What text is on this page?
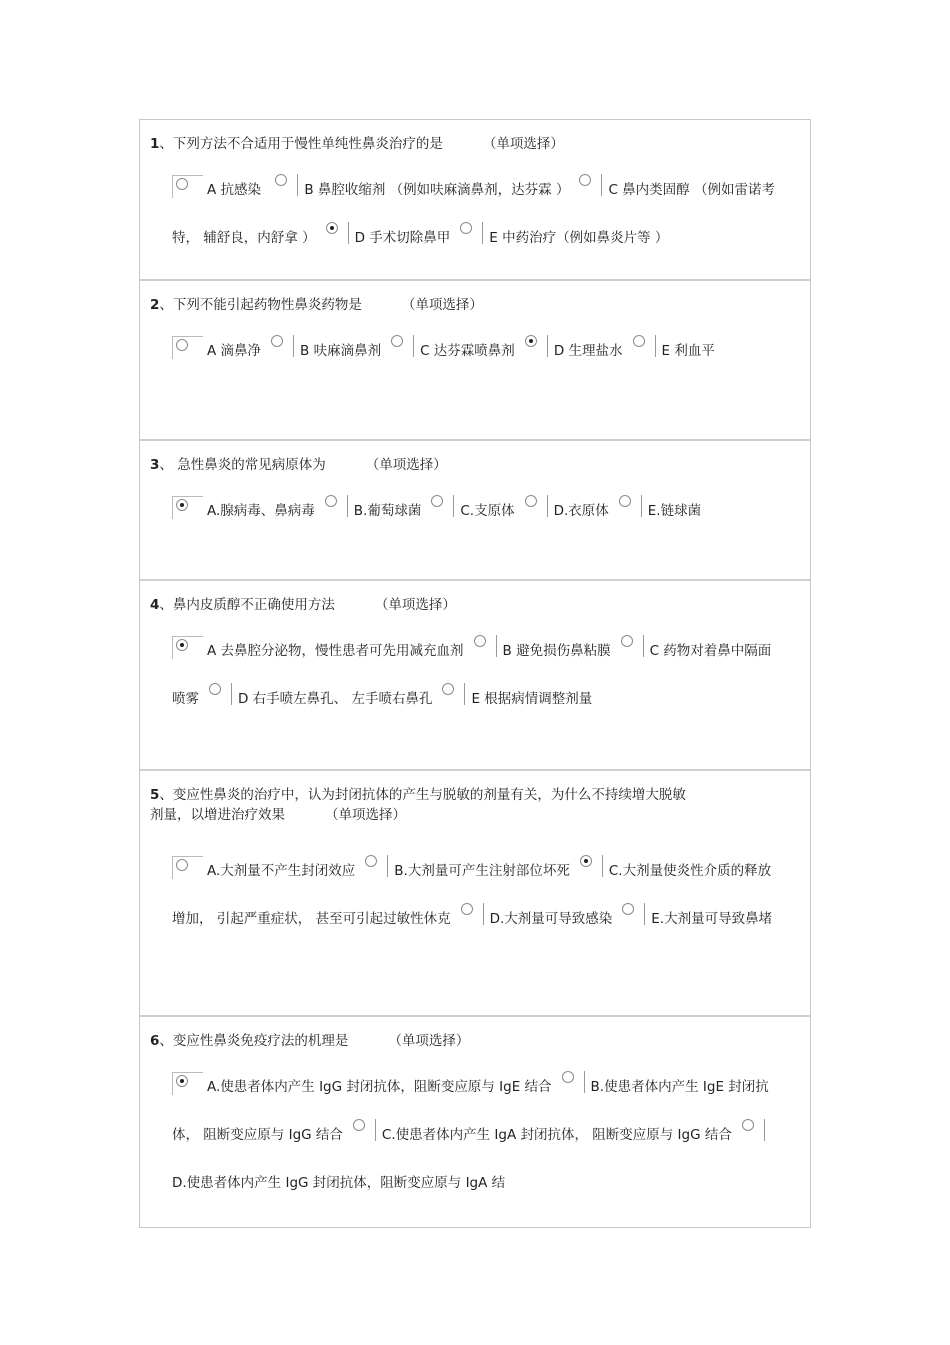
1、下列方法不合适用于慢性单纯性鼻炎治疗的是	（单项选择）
A 抗感染	B 鼻腔收缩剂 （例如呋麻滴鼻剂，达芬霖 ）	C 鼻内类固醇 （例如雷诺考特， 辅舒良，内舒拿 ）	D 手术切除鼻甲	E 中药治疗（例如鼻炎片等 ）
2、下列不能引起药物性鼻炎药物是	（单项选择）
A 滴鼻净	B 呋麻滴鼻剂	C 达芬霖喷鼻剂	D 生理盐水	E 利血平
3、 急性鼻炎的常见病原体为	（单项选择）
A.腺病毒、鼻病毒	B.葡萄球菌	C.支原体	D.衣原体	E.链球菌
4、鼻内皮质醇不正确使用方法	（单项选择）
A 去鼻腔分泌物，慢性患者可先用减充血剂	B 避免损伤鼻粘膜	C 药物对着鼻中隔面喷雾	D 右手喷左鼻孔、 左手喷右鼻孔	E 根据病情调整剂量
5、变应性鼻炎的治疗中，认为封闭抗体的产生与脱敏的剂量有关，为什么不持续增大脱敏
剂量，以增进治疗效果	（单项选择）
A.大剂量不产生封闭效应	B.大剂量可产生注射部位坏死	C.大剂量使炎性介质的释放增加， 引起严重症状， 甚至可引起过敏性休克	D.大剂量可导致感染	E.大剂量可导致鼻堵
6、变应性鼻炎免疫疗法的机理是	（单项选择）
A.使患者体内产生 IgG 封闭抗体，阻断变应原与 IgE 结合	B.使患者体内产生 IgE 封闭抗体， 阻断变应原与 IgG 结合	C.使患者体内产生 IgA 封闭抗体， 阻断变应原与 IgG 结合D.使患者体内产生 IgG 封闭抗体，阻断变应原与 IgA 结
